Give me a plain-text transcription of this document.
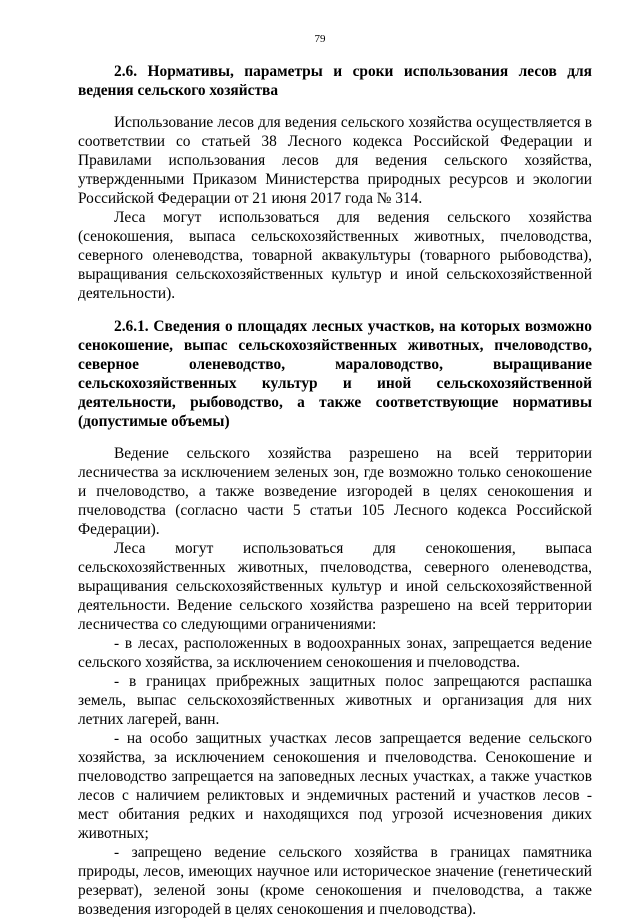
79

2.6. Нормативы, параметры и сроки использования лесов для ведения сельского хозяйства

Использование лесов для ведения сельского хозяйства осуществляется в соответствии со статьей 38 Лесного кодекса Российской Федерации и Правилами использования лесов для ведения сельского хозяйства, утвержденными Приказом Министерства природных ресурсов и экологии Российской Федерации от 21 июня 2017 года № 314.

Леса могут использоваться для ведения сельского хозяйства (сенокошения, выпаса сельскохозяйственных животных, пчеловодства, северного оленеводства, товарной аквакультуры (товарного рыбоводства), выращивания сельскохозяйственных культур и иной сельскохозяйственной деятельности).

2.6.1. Сведения о площадях лесных участков, на которых возможно сенокошение, выпас сельскохозяйственных животных, пчеловодство, северное оленеводство, мараловодство, выращивание сельскохозяйственных культур и иной сельскохозяйственной деятельности, рыбоводство, а также соответствующие нормативы (допустимые объемы)

Ведение сельского хозяйства разрешено на всей территории лесничества за исключением зеленых зон, где возможно только сенокошение и пчеловодство, а также возведение изгородей в целях сенокошения и пчеловодства (согласно части 5 статьи 105 Лесного кодекса Российской Федерации).

Леса могут использоваться для сенокошения, выпаса сельскохозяйственных животных, пчеловодства, северного оленеводства, выращивания сельскохозяйственных культур и иной сельскохозяйственной деятельности. Ведение сельского хозяйства разрешено на всей территории лесничества со следующими ограничениями:

- в лесах, расположенных в водоохранных зонах, запрещается ведение сельского хозяйства, за исключением сенокошения и пчеловодства.

- в границах прибрежных защитных полос запрещаются распашка земель, выпас сельскохозяйственных животных и организация для них летних лагерей, ванн.

- на особо защитных участках лесов запрещается ведение сельского хозяйства, за исключением сенокошения и пчеловодства. Сенокошение и пчеловодство запрещается на заповедных лесных участках, а также участков лесов с наличием реликтовых и эндемичных растений и участков лесов - мест обитания редких и находящихся под угрозой исчезновения диких животных;

- запрещено ведение сельского хозяйства в границах памятника природы, лесов, имеющих научное или историческое значение (генетический резерват), зеленой зоны (кроме сенокошения и пчеловодства, а также возведения изгородей в целях сенокошения и пчеловодства).
